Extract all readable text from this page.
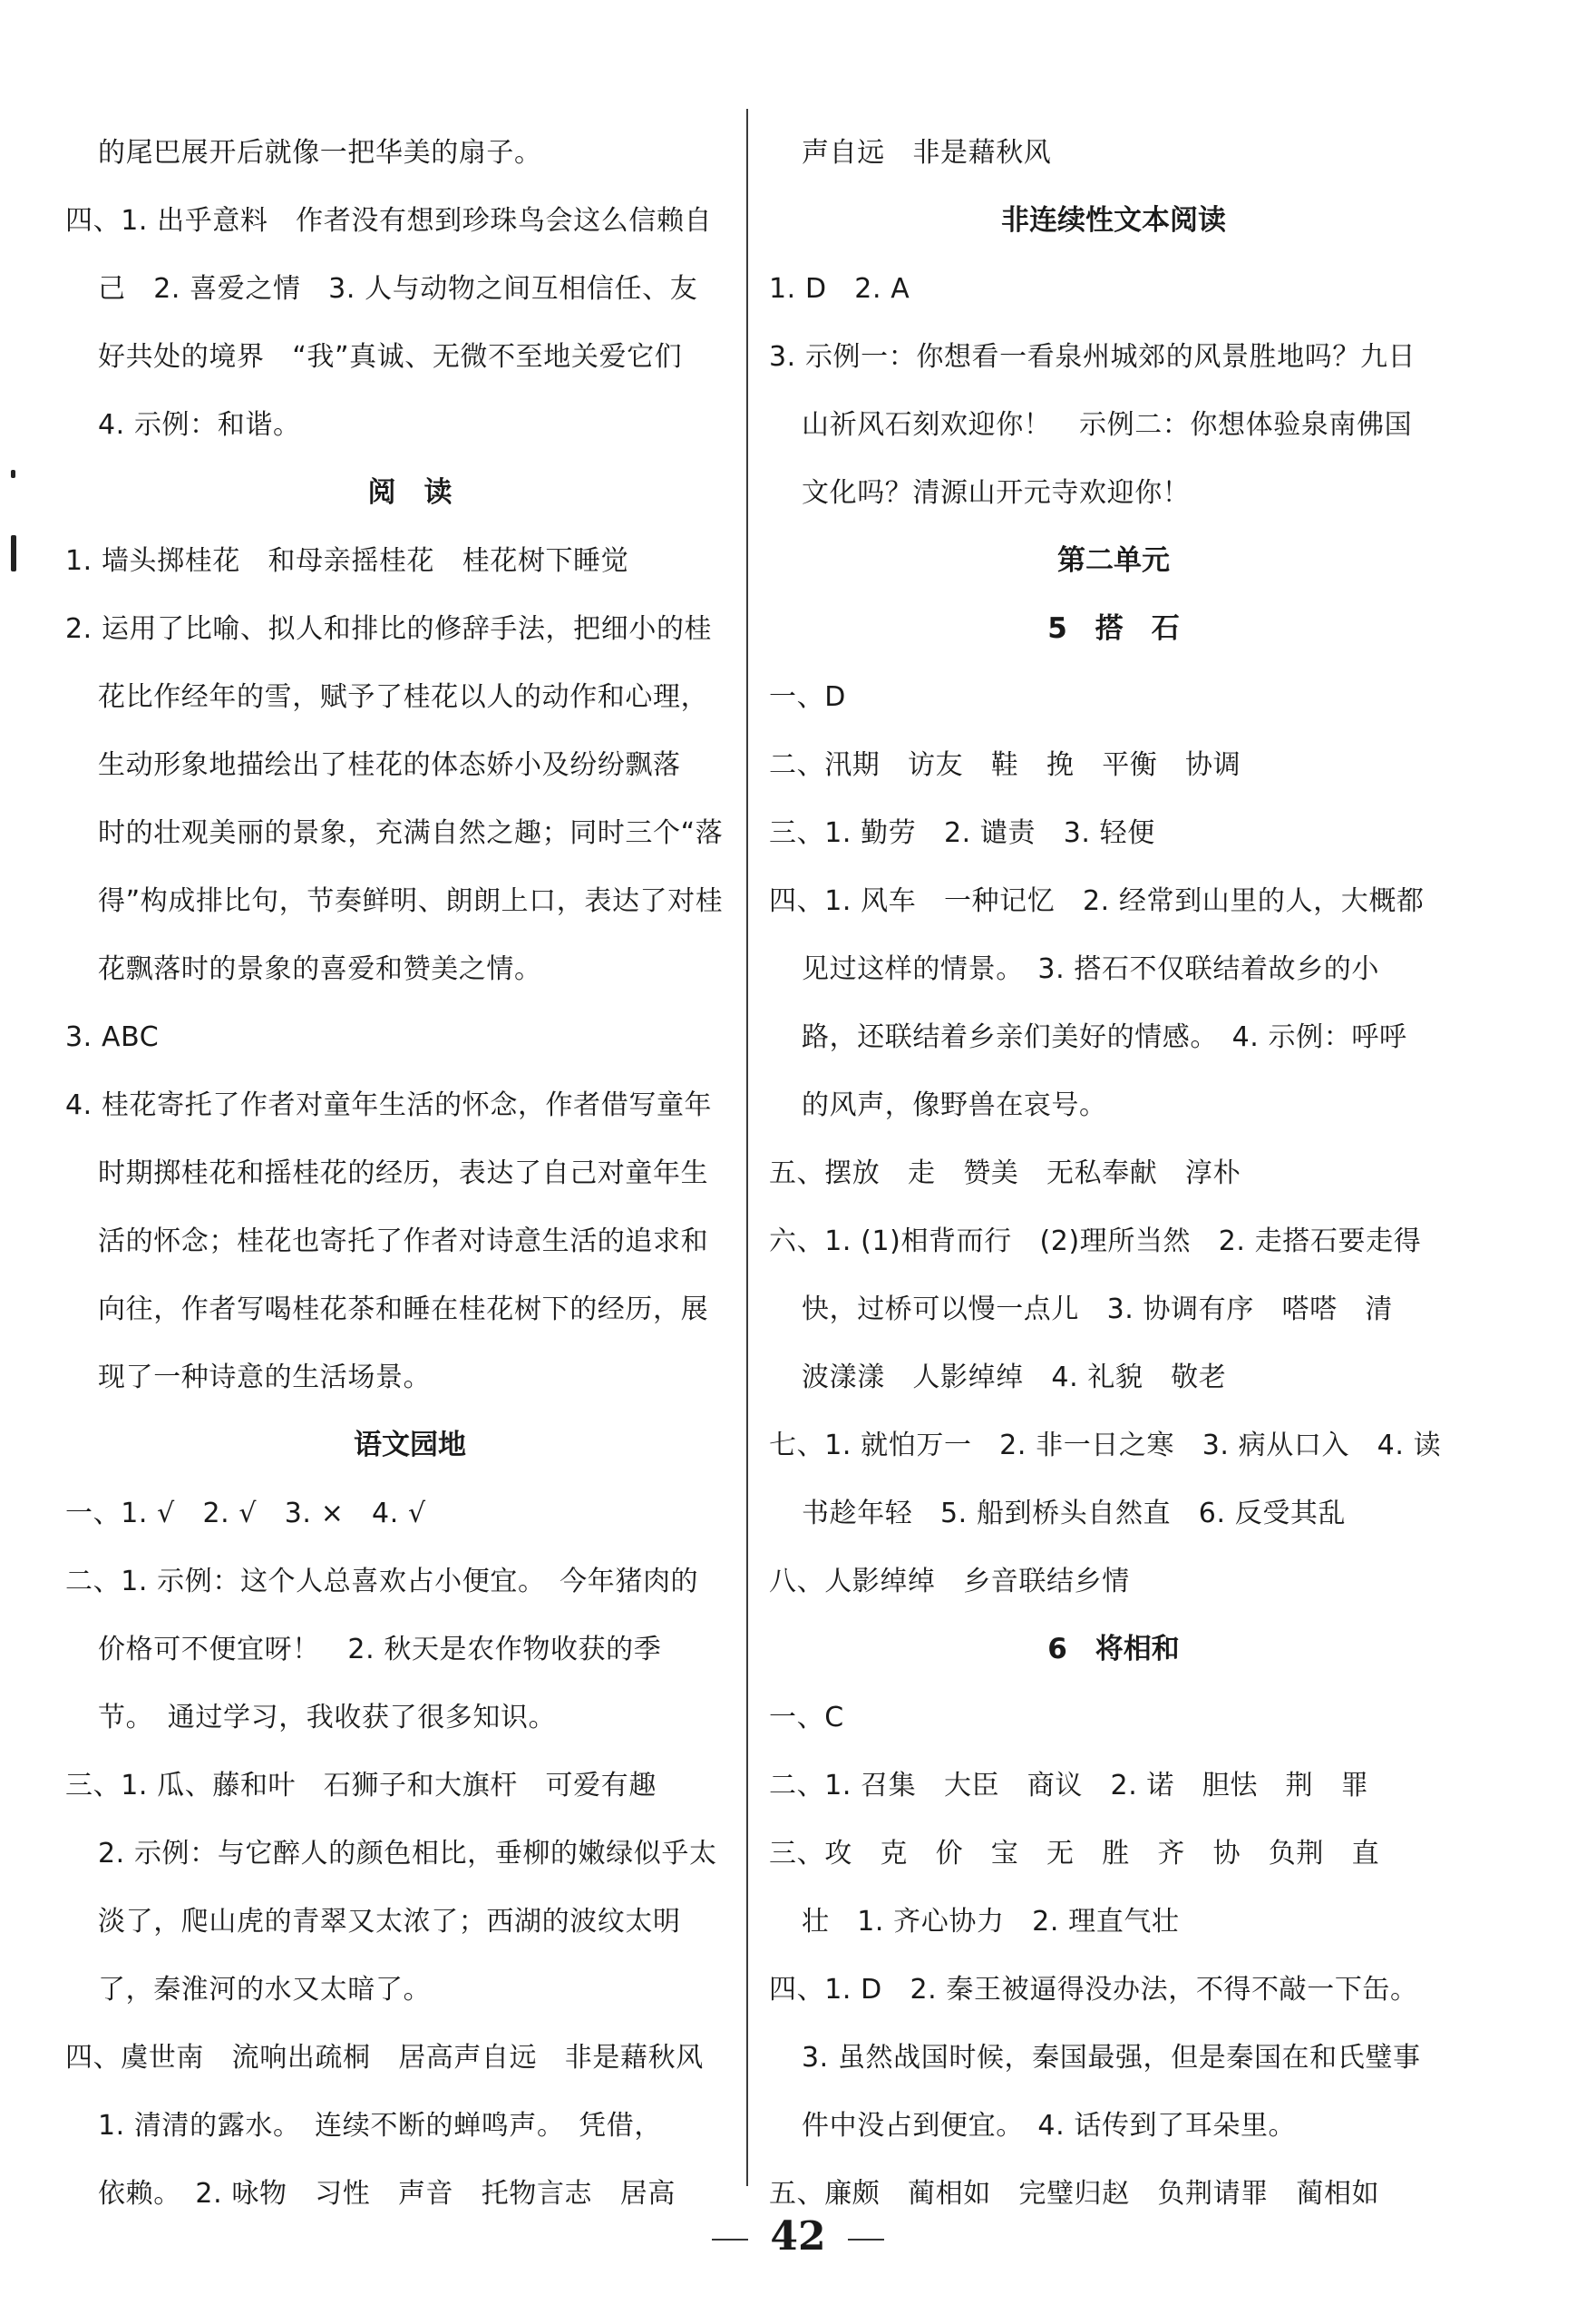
的尾巴展开后就像一把华美的扇子。
四、1. 出乎意料　作者没有想到珍珠鸟会这么信赖自
己　2. 喜爱之情　3. 人与动物之间互相信任、友
好共处的境界　“我”真诚、无微不至地关爱它们
4. 示例：和谐。
阅　读
1. 墙头掷桂花　和母亲摇桂花　桂花树下睡觉
2. 运用了比喻、拟人和排比的修辞手法，把细小的桂
花比作经年的雪，赋予了桂花以人的动作和心理，
生动形象地描绘出了桂花的体态娇小及纷纷飘落
时的壮观美丽的景象，充满自然之趣；同时三个“落
得”构成排比句，节奏鲜明、朗朗上口，表达了对桂
花飘落时的景象的喜爱和赞美之情。
3. ABC
4. 桂花寄托了作者对童年生活的怀念，作者借写童年
时期掷桂花和摇桂花的经历，表达了自己对童年生
活的怀念；桂花也寄托了作者对诗意生活的追求和
向往，作者写喝桂花茶和睡在桂花树下的经历，展
现了一种诗意的生活场景。
语文园地
一、1. √　2. √　3. ×　4. √
二、1. 示例：这个人总喜欢占小便宜。　今年猪肉的
价格可不便宜呀！　2. 秋天是农作物收获的季
节。　通过学习，我收获了很多知识。
三、1. 瓜、藤和叶　石狮子和大旗杆　可爱有趣
2. 示例：与它醉人的颜色相比，垂柳的嫩绿似乎太
淡了，爬山虎的青翠又太浓了；西湖的波纹太明
了，秦淮河的水又太暗了。
四、虞世南　流响出疏桐　居高声自远　非是藉秋风
1. 清清的露水。　连续不断的蝉鸣声。　凭借，
依赖。　2. 咏物　习性　声音　托物言志　居高
声自远　非是藉秋风
非连续性文本阅读
1. D　2. A
3. 示例一：你想看一看泉州城郊的风景胜地吗？九日
山祈风石刻欢迎你！　示例二：你想体验泉南佛国
文化吗？清源山开元寺欢迎你！
第二单元
5　搭　石
一、D
二、汛期　访友　鞋　挽　平衡　协调
三、1. 勤劳　2. 谴责　3. 轻便
四、1. 风车　一种记忆　2. 经常到山里的人，大概都
见过这样的情景。　3. 搭石不仅联结着故乡的小
路，还联结着乡亲们美好的情感。　4. 示例：呼呼
的风声，像野兽在哀号。
五、摆放　走　赞美　无私奉献　淳朴
六、1. (1)相背而行　(2)理所当然　2. 走搭石要走得
快，过桥可以慢一点儿　3. 协调有序　嗒嗒　清
波漾漾　人影绰绰　4. 礼貌　敬老
七、1. 就怕万一　2. 非一日之寒　3. 病从口入　4. 读
书趁年轻　5. 船到桥头自然直　6. 反受其乱
八、人影绰绰　乡音联结乡情
6　将相和
一、C
二、1. 召集　大臣　商议　2. 诺　胆怯　荆　罪
三、攻　克　价　宝　无　胜　齐　协　负荆　直
壮　1. 齐心协力　2. 理直气壮
四、1. D　2. 秦王被逼得没办法，不得不敲一下缶。
3. 虽然战国时候，秦国最强，但是秦国在和氏璧事
件中没占到便宜。　4. 话传到了耳朵里。
五、廉颇　蔺相如　完璧归赵　负荆请罪　蔺相如
42
